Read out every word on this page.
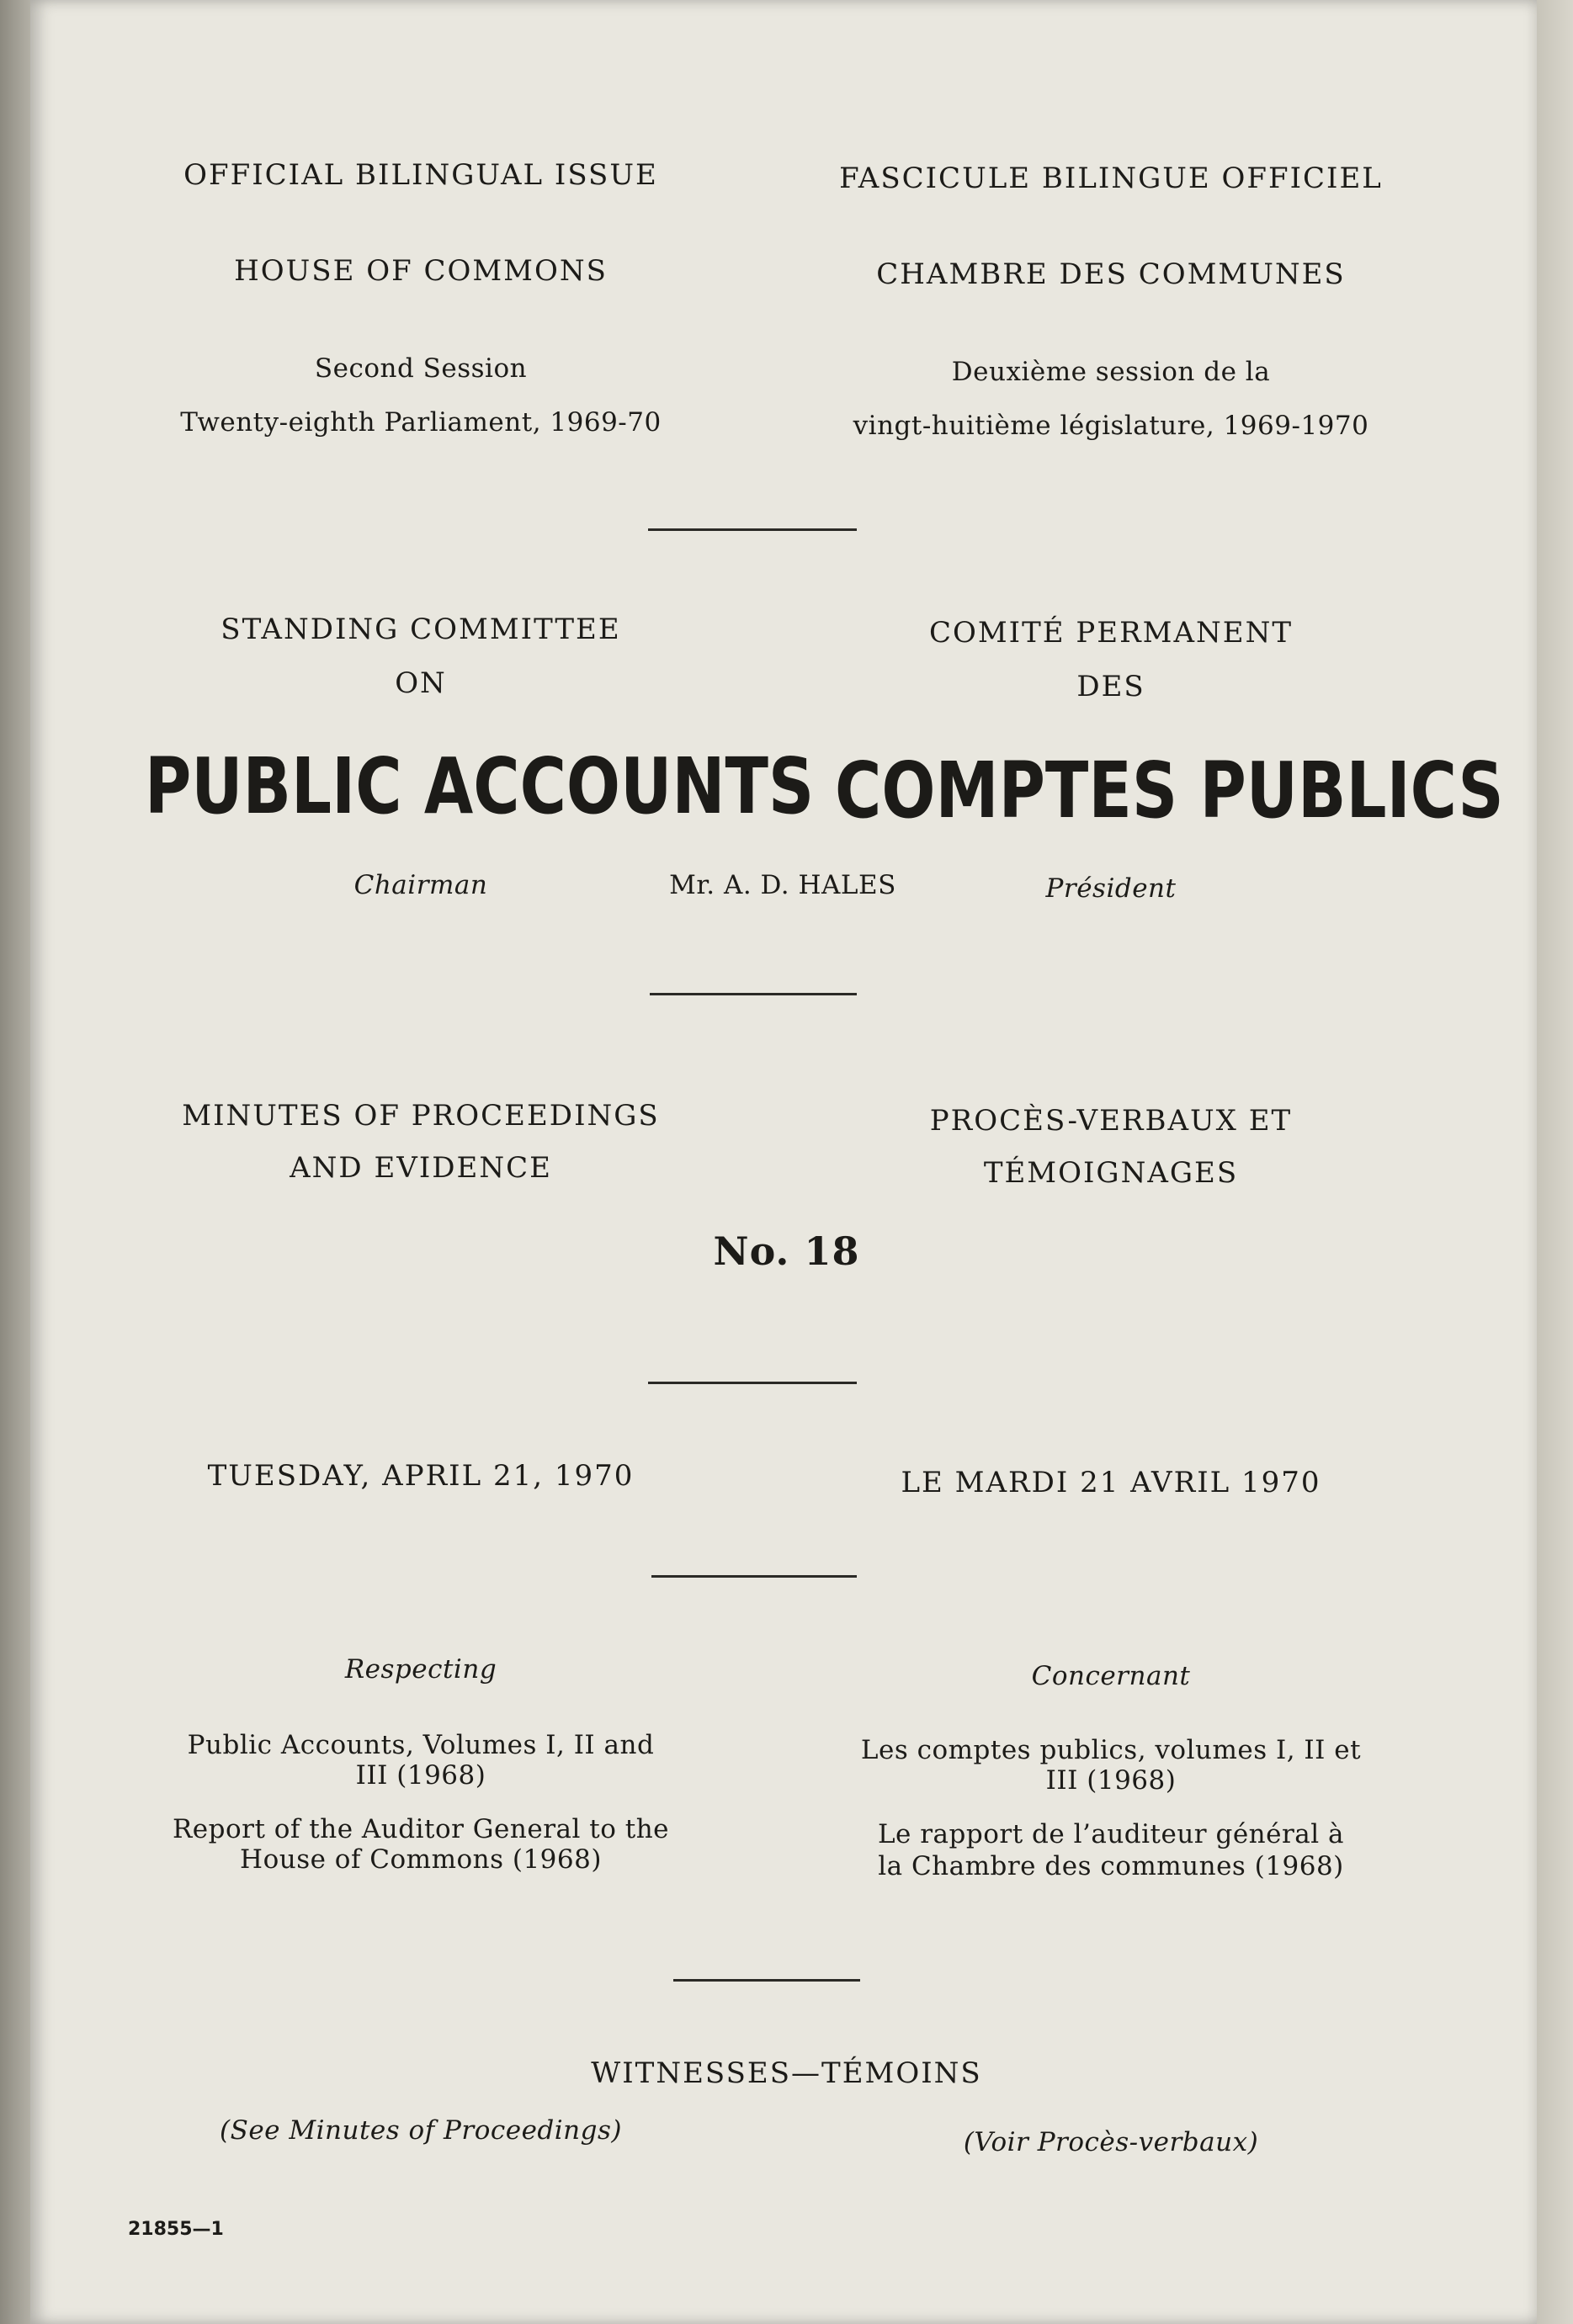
OFFICIAL BILINGUAL ISSUE	FASCICULE BILINGUE OFFICIEL
HOUSE OF COMMONS	CHAMBRE DES COMMUNES
Second Session
Twenty-eighth Parliament, 1969-70
Deuxième session de la
vingt-huitième législature, 1969-1970
STANDING COMMITTEE
ON
COMITÉ PERMANENT
DES
PUBLIC ACCOUNTS COMPTES PUBLICS
Chairman	Mr. A. D. HALES	Président
MINUTES OF PROCEEDINGS
AND EVIDENCE
PROCÈS-VERBAUX ET
TÉMOIGNAGES
No. 18
TUESDAY, APRIL 21, 1970	LE MARDI 21 AVRIL 1970
Respecting	Concernant
Public Accounts, Volumes I, II and
III (1968)
Report of the Auditor General to the
House of Commons (1968)
Les comptes publics, volumes I, II et
III (1968)
Le rapport de l’auditeur général à
la Chambre des communes (1968)
WITNESSES—TÉMOINS
(See Minutes of Proceedings)	(Voir Procès-verbaux)
21855—1
